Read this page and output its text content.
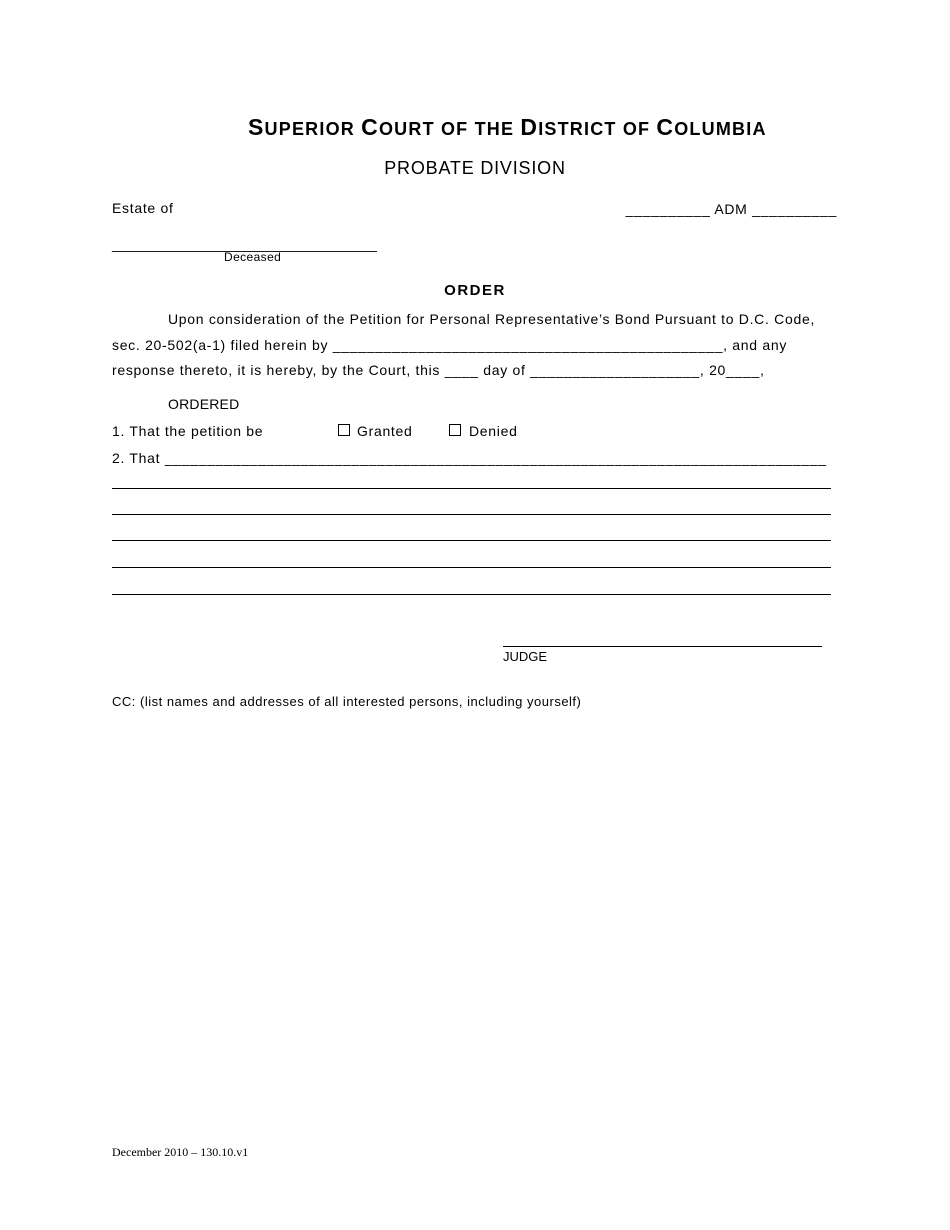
SUPERIOR COURT OF THE DISTRICT OF COLUMBIA
PROBATE DIVISION
Estate of	__________ ADM __________
__________________________________
Deceased
ORDER
Upon consideration of the Petition for Personal Representative’s Bond Pursuant to D.C. Code,
sec. 20-502(a-1) filed herein by ______________________________________________, and any
response thereto, it is hereby, by the Court, this ____ day of ____________________, 20____,
ORDERED
1. That the petition be	Granted	Denied
2. That ______________________________________________________________________________
JUDGE
CC: (list names and addresses of all interested persons, including yourself)
December 2010 – 130.10.v1
